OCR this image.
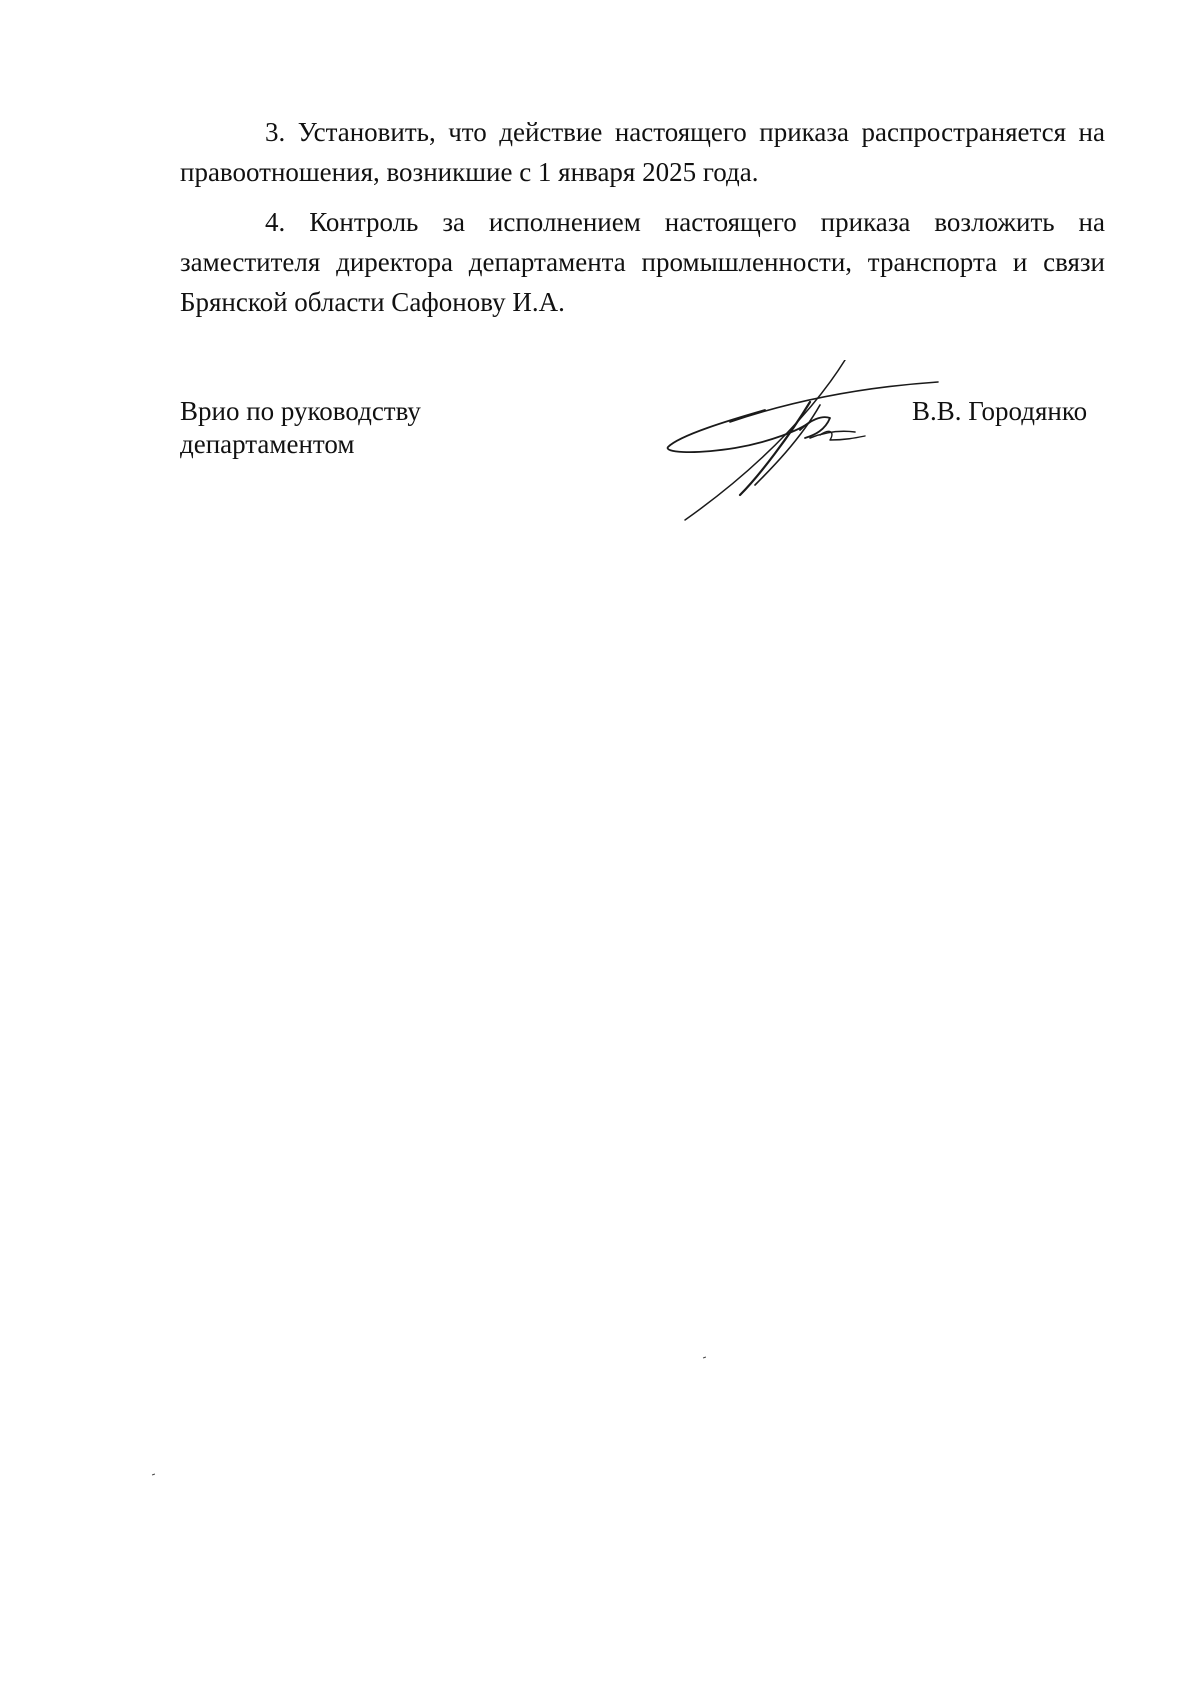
3. Установить, что действие настоящего приказа распространяется на правоотношения, возникшие с 1 января 2025 года.

4. Контроль за исполнением настоящего приказа возложить на заместителя директора департамента промышленности, транспорта и связи Брянской области Сафонову И.А.

Врио по руководству
департаментом
В.В. Городянко
